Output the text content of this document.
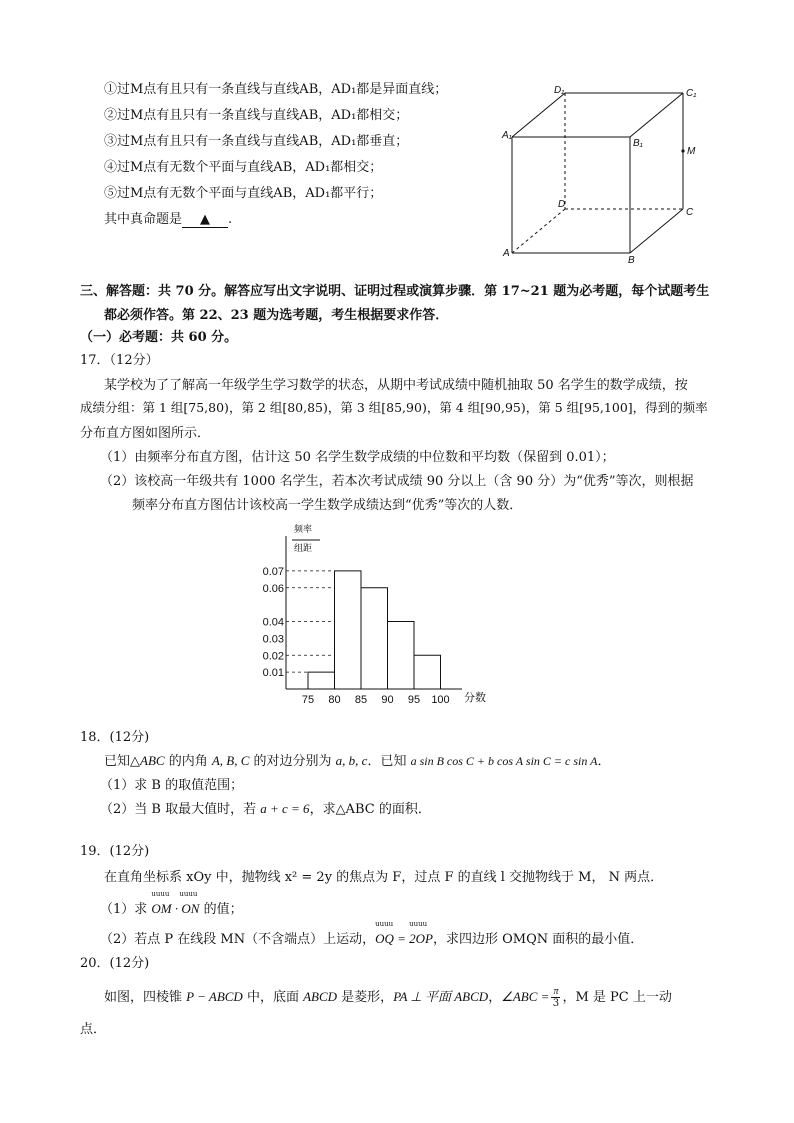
①过M点有且只有一条直线与直线AB，AD₁都是异面直线；
②过M点有且只有一条直线与直线AB，AD₁都相交；
③过M点有且只有一条直线与直线AB，AD₁都垂直；
④过M点有无数个平面与直线AB，AD₁都相交；
⑤过M点有无数个平面与直线AB，AD₁都平行；
其中真命题是 ▲ .
D₁	C₁
A₁
B₁
M
D
C
A
B
三、解答题：共 70 分。解答应写出文字说明、证明过程或演算步骤．第 17~21 题为必考题，每个试题考生
都必须作答。第 22、23 题为选考题，考生根据要求作答．
（一）必考题：共 60 分。
17．（12分）
某学校为了了解高一年级学生学习数学的状态，从期中考试成绩中随机抽取 50 名学生的数学成绩，按
成绩分组：第 1 组[75,80)，第 2 组[80,85)，第 3 组[85,90)，第 4 组[90,95)，第 5 组[95,100]，得到的频率
分布直方图如图所示．
（1）由频率分布直方图，估计这 50 名学生数学成绩的中位数和平均数（保留到 0.01）；
（2）该校高一年级共有 1000 名学生，若本次考试成绩 90 分以上（含 90 分）为“优秀”等次，则根据
频率分布直方图估计该校高一学生数学成绩达到“优秀”等次的人数．
频率
组距
分数
0.07
0.06
0.04
0.03
0.02
0.01
75 80 85 90 95 100
18．(12分)
已知△ABC 的内角 A, B, C 的对边分别为 a, b, c．已知 a sin B cos C + b cos A sin C = c sin A．
（1）求 B 的取值范围；
（2）当 B 取最大值时，若 a + c = 6，求△ABC 的面积．
19．(12分)
在直角坐标系 xOy 中，抛物线 x² = 2y 的焦点为 F，过点 F 的直线 l 交抛物线于 M， N 两点．
（1）求
uuuu uuuu
OM · ON 的值；
（2）若点 P 在线段 MN（不含端点）上运动，
uuuu uuuu
OQ = 2OP，求四边形 OMQN 面积的最小值．
20．(12分)
如图，四棱锥 P − ABCD 中，底面 ABCD 是菱形，PA ⊥ 平面 ABCD，∠ABC = $\frac{\pi}{3}$ ，M 是 PC 上一动
点．
